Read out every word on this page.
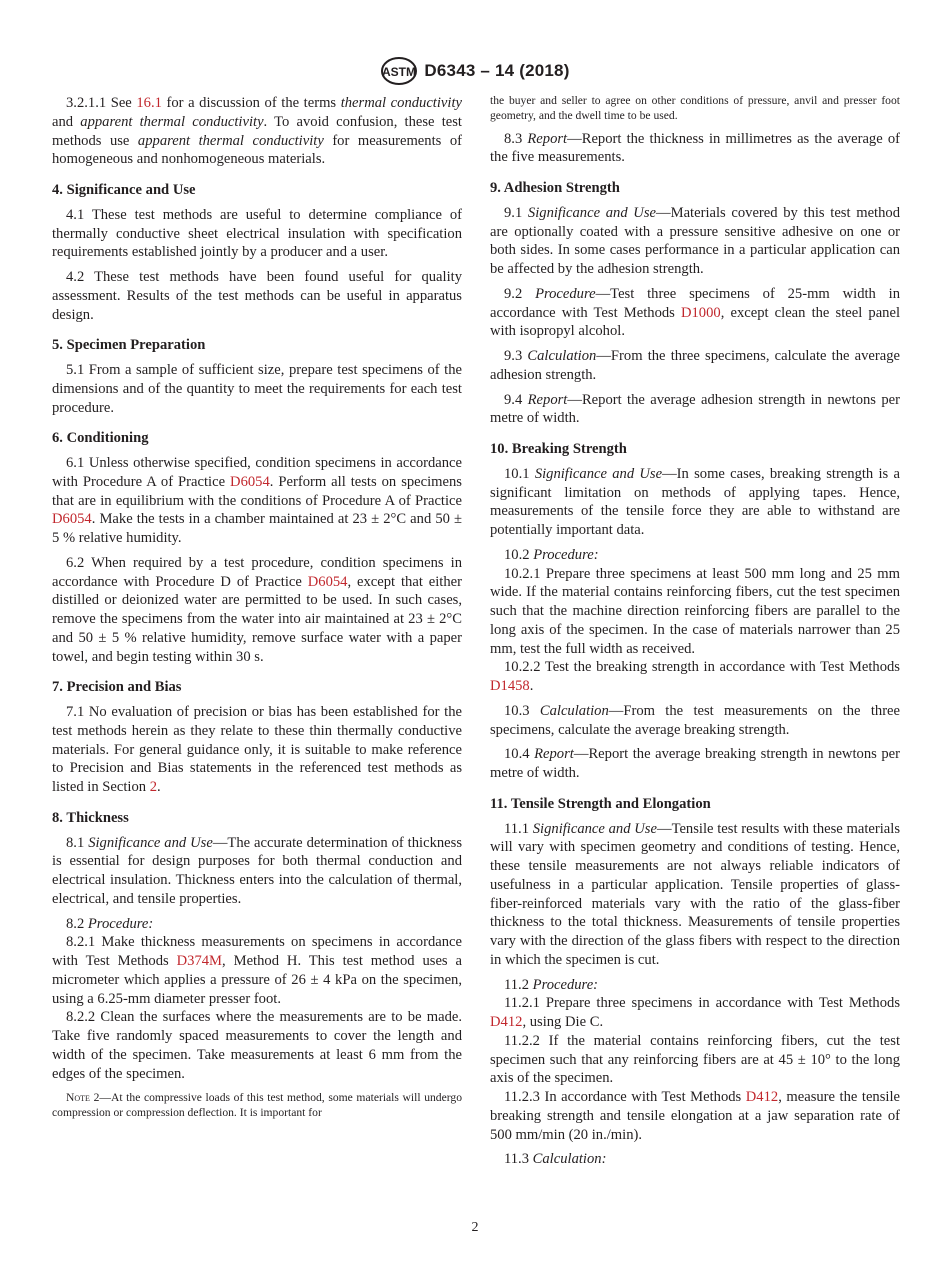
ASTM D6343 – 14 (2018)

3.2.1.1 See 16.1 for a discussion of the terms thermal conductivity and apparent thermal conductivity. To avoid confusion, these test methods use apparent thermal conductivity for measurements of homogeneous and nonhomogeneous materials.

4. Significance and Use

4.1 These test methods are useful to determine compliance of thermally conductive sheet electrical insulation with specification requirements established jointly by a producer and a user.

4.2 These test methods have been found useful for quality assessment. Results of the test methods can be useful in apparatus design.

5. Specimen Preparation

5.1 From a sample of sufficient size, prepare test specimens of the dimensions and of the quantity to meet the requirements for each test procedure.

6. Conditioning

6.1 Unless otherwise specified, condition specimens in accordance with Procedure A of Practice D6054. Perform all tests on specimens that are in equilibrium with the conditions of Procedure A of Practice D6054. Make the tests in a chamber maintained at 23 ± 2°C and 50 ± 5 % relative humidity.

6.2 When required by a test procedure, condition specimens in accordance with Procedure D of Practice D6054, except that either distilled or deionized water are permitted to be used. In such cases, remove the specimens from the water into air maintained at 23 ± 2°C and 50 ± 5 % relative humidity, remove surface water with a paper towel, and begin testing within 30 s.

7. Precision and Bias

7.1 No evaluation of precision or bias has been established for the test methods herein as they relate to these thin thermally conductive materials. For general guidance only, it is suitable to make reference to Precision and Bias statements in the referenced test methods as listed in Section 2.

8. Thickness

8.1 Significance and Use—The accurate determination of thickness is essential for design purposes for both thermal conduction and electrical insulation. Thickness enters into the calculation of thermal, electrical, and tensile properties.

8.2 Procedure:

8.2.1 Make thickness measurements on specimens in accordance with Test Methods D374M, Method H. This test method uses a micrometer which applies a pressure of 26 ± 4 kPa on the specimen, using a 6.25-mm diameter presser foot.

8.2.2 Clean the surfaces where the measurements are to be made. Take five randomly spaced measurements to cover the length and width of the specimen. Take measurements at least 6 mm from the edges of the specimen.

Note 2—At the compressive loads of this test method, some materials will undergo compression or compression deflection. It is important for

the buyer and seller to agree on other conditions of pressure, anvil and presser foot geometry, and the dwell time to be used.

8.3 Report—Report the thickness in millimetres as the average of the five measurements.

9. Adhesion Strength

9.1 Significance and Use—Materials covered by this test method are optionally coated with a pressure sensitive adhesive on one or both sides. In some cases performance in a particular application can be affected by the adhesion strength.

9.2 Procedure—Test three specimens of 25-mm width in accordance with Test Methods D1000, except clean the steel panel with isopropyl alcohol.

9.3 Calculation—From the three specimens, calculate the average adhesion strength.

9.4 Report—Report the average adhesion strength in newtons per metre of width.

10. Breaking Strength

10.1 Significance and Use—In some cases, breaking strength is a significant limitation on methods of applying tapes. Hence, measurements of the tensile force they are able to withstand are potentially important data.

10.2 Procedure:

10.2.1 Prepare three specimens at least 500 mm long and 25 mm wide. If the material contains reinforcing fibers, cut the test specimen such that the machine direction reinforcing fibers are parallel to the long axis of the specimen. In the case of materials narrower than 25 mm, test the full width as received.

10.2.2 Test the breaking strength in accordance with Test Methods D1458.

10.3 Calculation—From the test measurements on the three specimens, calculate the average breaking strength.

10.4 Report—Report the average breaking strength in newtons per metre of width.

11. Tensile Strength and Elongation

11.1 Significance and Use—Tensile test results with these materials will vary with specimen geometry and conditions of testing. Hence, these tensile measurements are not always reliable indicators of usefulness in a particular application. Tensile properties of glass-fiber-reinforced materials vary with the ratio of the glass-fiber thickness to the total thickness. Measurements of tensile properties vary with the direction of the glass fibers with respect to the direction in which the specimen is cut.

11.2 Procedure:

11.2.1 Prepare three specimens in accordance with Test Methods D412, using Die C.

11.2.2 If the material contains reinforcing fibers, cut the test specimen such that any reinforcing fibers are at 45 ± 10° to the long axis of the specimen.

11.2.3 In accordance with Test Methods D412, measure the tensile breaking strength and tensile elongation at a jaw separation rate of 500 mm/min (20 in./min).

11.3 Calculation:

2
